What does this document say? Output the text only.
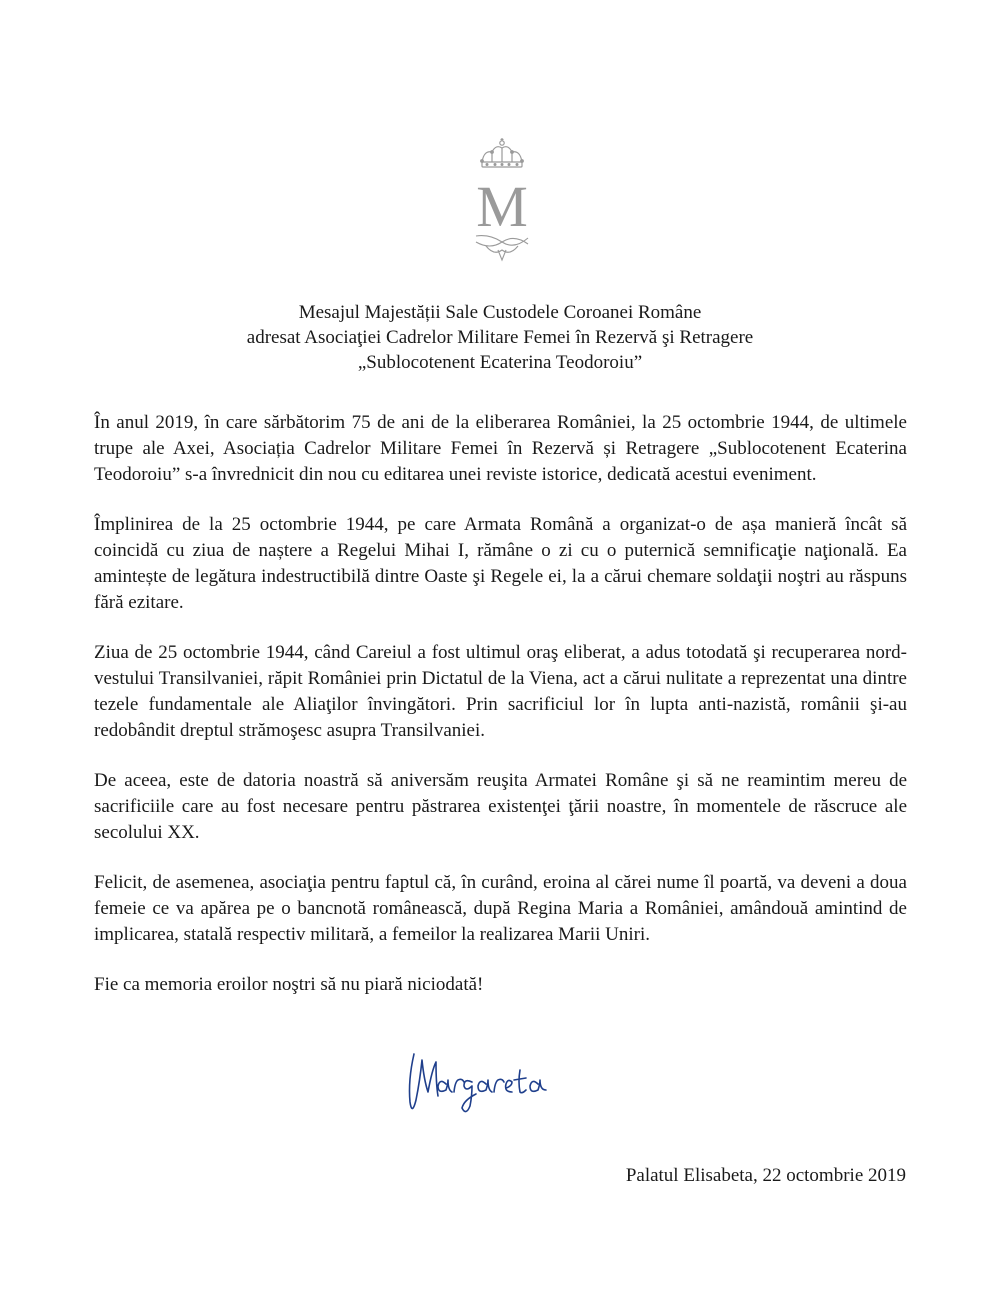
M
Mesajul Majestății Sale Custodele Coroanei Române
adresat Asociaţiei Cadrelor Militare Femei în Rezervă şi Retragere
„Sublocotenent Ecaterina Teodoroiu”

În anul 2019, în care sărbătorim 75 de ani de la eliberarea României, la 25 octombrie 1944, de ultimele trupe ale Axei, Asociația Cadrelor Militare Femei în Rezervă și Retragere „Sublocotenent Ecaterina Teodoroiu” s-a învrednicit din nou cu editarea unei reviste istorice, dedicată acestui eveniment.

Împlinirea de la 25 octombrie 1944, pe care Armata Română a organizat-o de așa manieră încât să coincidă cu ziua de naștere a Regelui Mihai I, rămâne o zi cu o puternică semnificaţie naţională. Ea amintește de legătura indestructibilă dintre Oaste şi Regele ei, la a cărui chemare soldaţii noştri au răspuns fără ezitare.

Ziua de 25 octombrie 1944, când Careiul a fost ultimul oraş eliberat, a adus totodată şi recuperarea nord-vestului Transilvaniei, răpit României prin Dictatul de la Viena, act a cărui nulitate a reprezentat una dintre tezele fundamentale ale Aliaţilor învingători. Prin sacrificiul lor în lupta anti-nazistă, românii şi-au redobândit dreptul strămoşesc asupra Transilvaniei.

De aceea, este de datoria noastră să aniversăm reuşita Armatei Române şi să ne reamintim mereu de sacrificiile care au fost necesare pentru păstrarea existenţei ţării noastre, în momentele de răscruce ale secolului XX.

Felicit, de asemenea, asociaţia pentru faptul că, în curând, eroina al cărei nume îl poartă, va deveni a doua femeie ce va apărea pe o bancnotă românească, după Regina Maria a României, amândouă amintind de implicarea, statală respectiv militară, a femeilor la realizarea Marii Uniri.

Fie ca memoria eroilor noştri să nu piară niciodată!

Palatul Elisabeta, 22 octombrie 2019
